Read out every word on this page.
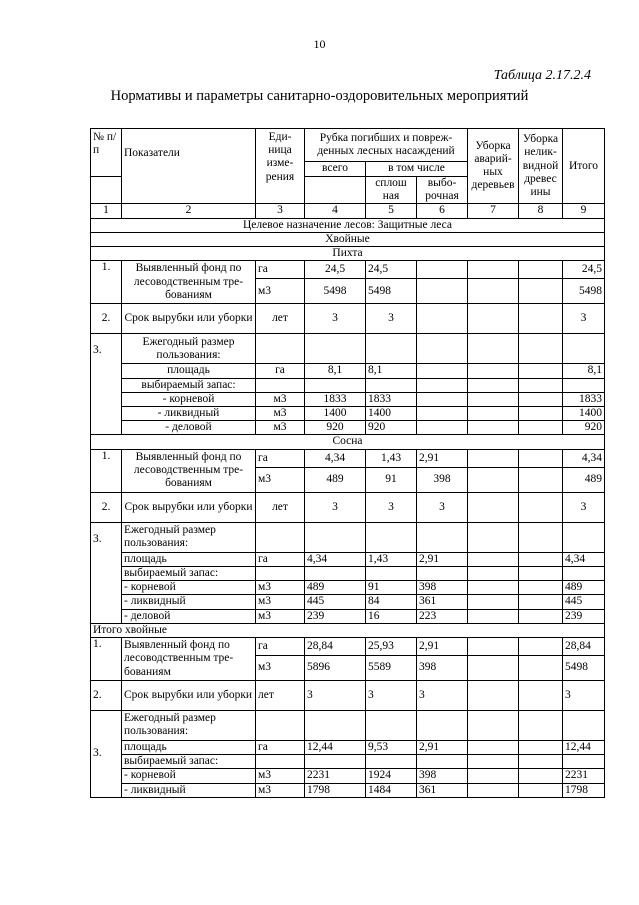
10
Таблица 2.17.2.4
Нормативы и параметры санитарно-оздоровительных мероприятий
№ п/п	Показатели	Еди-ница изме-рения	Рубка погибших и повреж-денных лесных насаждений			Уборка аварий-ных деревьев	Уборка нелик-видной древес ины	Итого
			всего	в том числе				
				сплош ная	выбо-рочная			

1	2	3	4	5	6	7	8	9
Целевое назначение лесов: Защитные леса								
Хвойные								
Пихта								
1.	Выявленный фонд по лесоводственным тре-бованиям	га	24,5	24,5				24,5
		м3	5498	5498				5498
2.	Срок вырубки или уборки	лет	3	3				3
3.	Ежегодный размер пользования:							
	площадь	га	8,1	8,1				8,1
	выбираемый запас:							
	- корневой	м3	1833	1833				1833
	- ликвидный	м3	1400	1400				1400
	- деловой	м3	920	920				920
Сосна								
1.	Выявленный фонд по лесоводственным тре-бованиям	га	4,34	1,43	2,91			4,34
		м3	489	91	398			489
2.	Срок вырубки или уборки	лет	3	3	3			3
3.	Ежегодный размер пользования:							
	площадь	га	4,34	1,43	2,91			4,34
	выбираемый запас:							
	- корневой	м3	489	91	398			489
	- ликвидный	м3	445	84	361			445
	- деловой	м3	239	16	223			239
Итого хвойные								
1.	Выявленный фонд по лесоводственным тре-бованиям	га	28,84	25,93	2,91			28,84
		м3	5896	5589	398			5498
2.	Срок вырубки или уборки	лет	3	3	3			3
3.	Ежегодный размер пользования:							
	площадь	га	12,44	9,53	2,91			12,44
	выбираемый запас:							
	- корневой	м3	2231	1924	398			2231
	- ликвидный	м3	1798	1484	361			1798
